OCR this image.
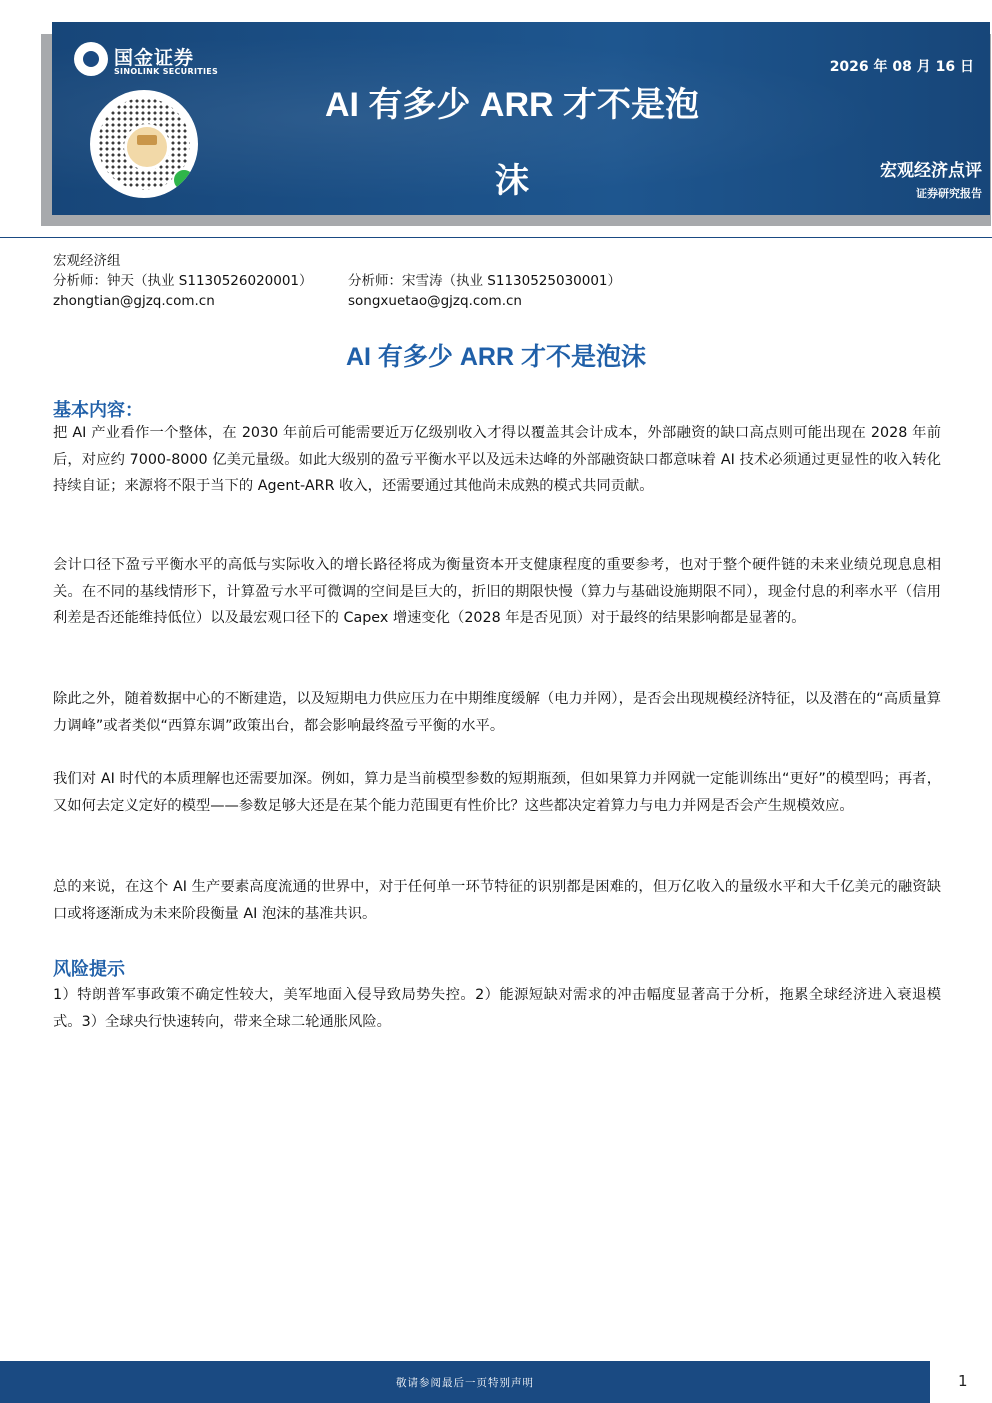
国金证券
SINOLINK SECURITIES
AI 有多少 ARR 才不是泡
沫
2026 年 08 月 16 日
宏观经济点评
证券研究报告
宏观经济组
分析师：钟天（执业 S1130526020001）
zhongtian@gjzq.com.cn
分析师：宋雪涛（执业 S1130525030001）
songxuetao@gjzq.com.cn
AI 有多少 ARR 才不是泡沫
基本内容：

把 AI 产业看作一个整体，在 2030 年前后可能需要近万亿级别收入才得以覆盖其会计成本，外部融资的缺口高点则可能出现在 2028 年前后，对应约 7000-8000 亿美元量级。如此大级别的盈亏平衡水平以及远未达峰的外部融资缺口都意味着 AI 技术必须通过更显性的收入转化持续自证；来源将不限于当下的 Agent-ARR 收入，还需要通过其他尚未成熟的模式共同贡献。

会计口径下盈亏平衡水平的高低与实际收入的增长路径将成为衡量资本开支健康程度的重要参考，也对于整个硬件链的未来业绩兑现息息相关。在不同的基线情形下，计算盈亏水平可微调的空间是巨大的，折旧的期限快慢（算力与基础设施期限不同），现金付息的利率水平（信用利差是否还能维持低位）以及最宏观口径下的 Capex 增速变化（2028 年是否见顶）对于最终的结果影响都是显著的。

除此之外，随着数据中心的不断建造，以及短期电力供应压力在中期维度缓解（电力并网），是否会出现规模经济特征，以及潜在的“高质量算力调峰”或者类似“西算东调”政策出台，都会影响最终盈亏平衡的水平。

我们对 AI 时代的本质理解也还需要加深。例如，算力是当前模型参数的短期瓶颈，但如果算力并网就一定能训练出“更好”的模型吗；再者，又如何去定义定好的模型——参数足够大还是在某个能力范围更有性价比？这些都决定着算力与电力并网是否会产生规模效应。

总的来说，在这个 AI 生产要素高度流通的世界中，对于任何单一环节特征的识别都是困难的，但万亿收入的量级水平和大千亿美元的融资缺口或将逐渐成为未来阶段衡量 AI 泡沫的基准共识。

风险提示

1）特朗普军事政策不确定性较大，美军地面入侵导致局势失控。2）能源短缺对需求的冲击幅度显著高于分析，拖累全球经济进入衰退模式。3）全球央行快速转向，带来全球二轮通胀风险。

敬请参阅最后一页特别声明	1
